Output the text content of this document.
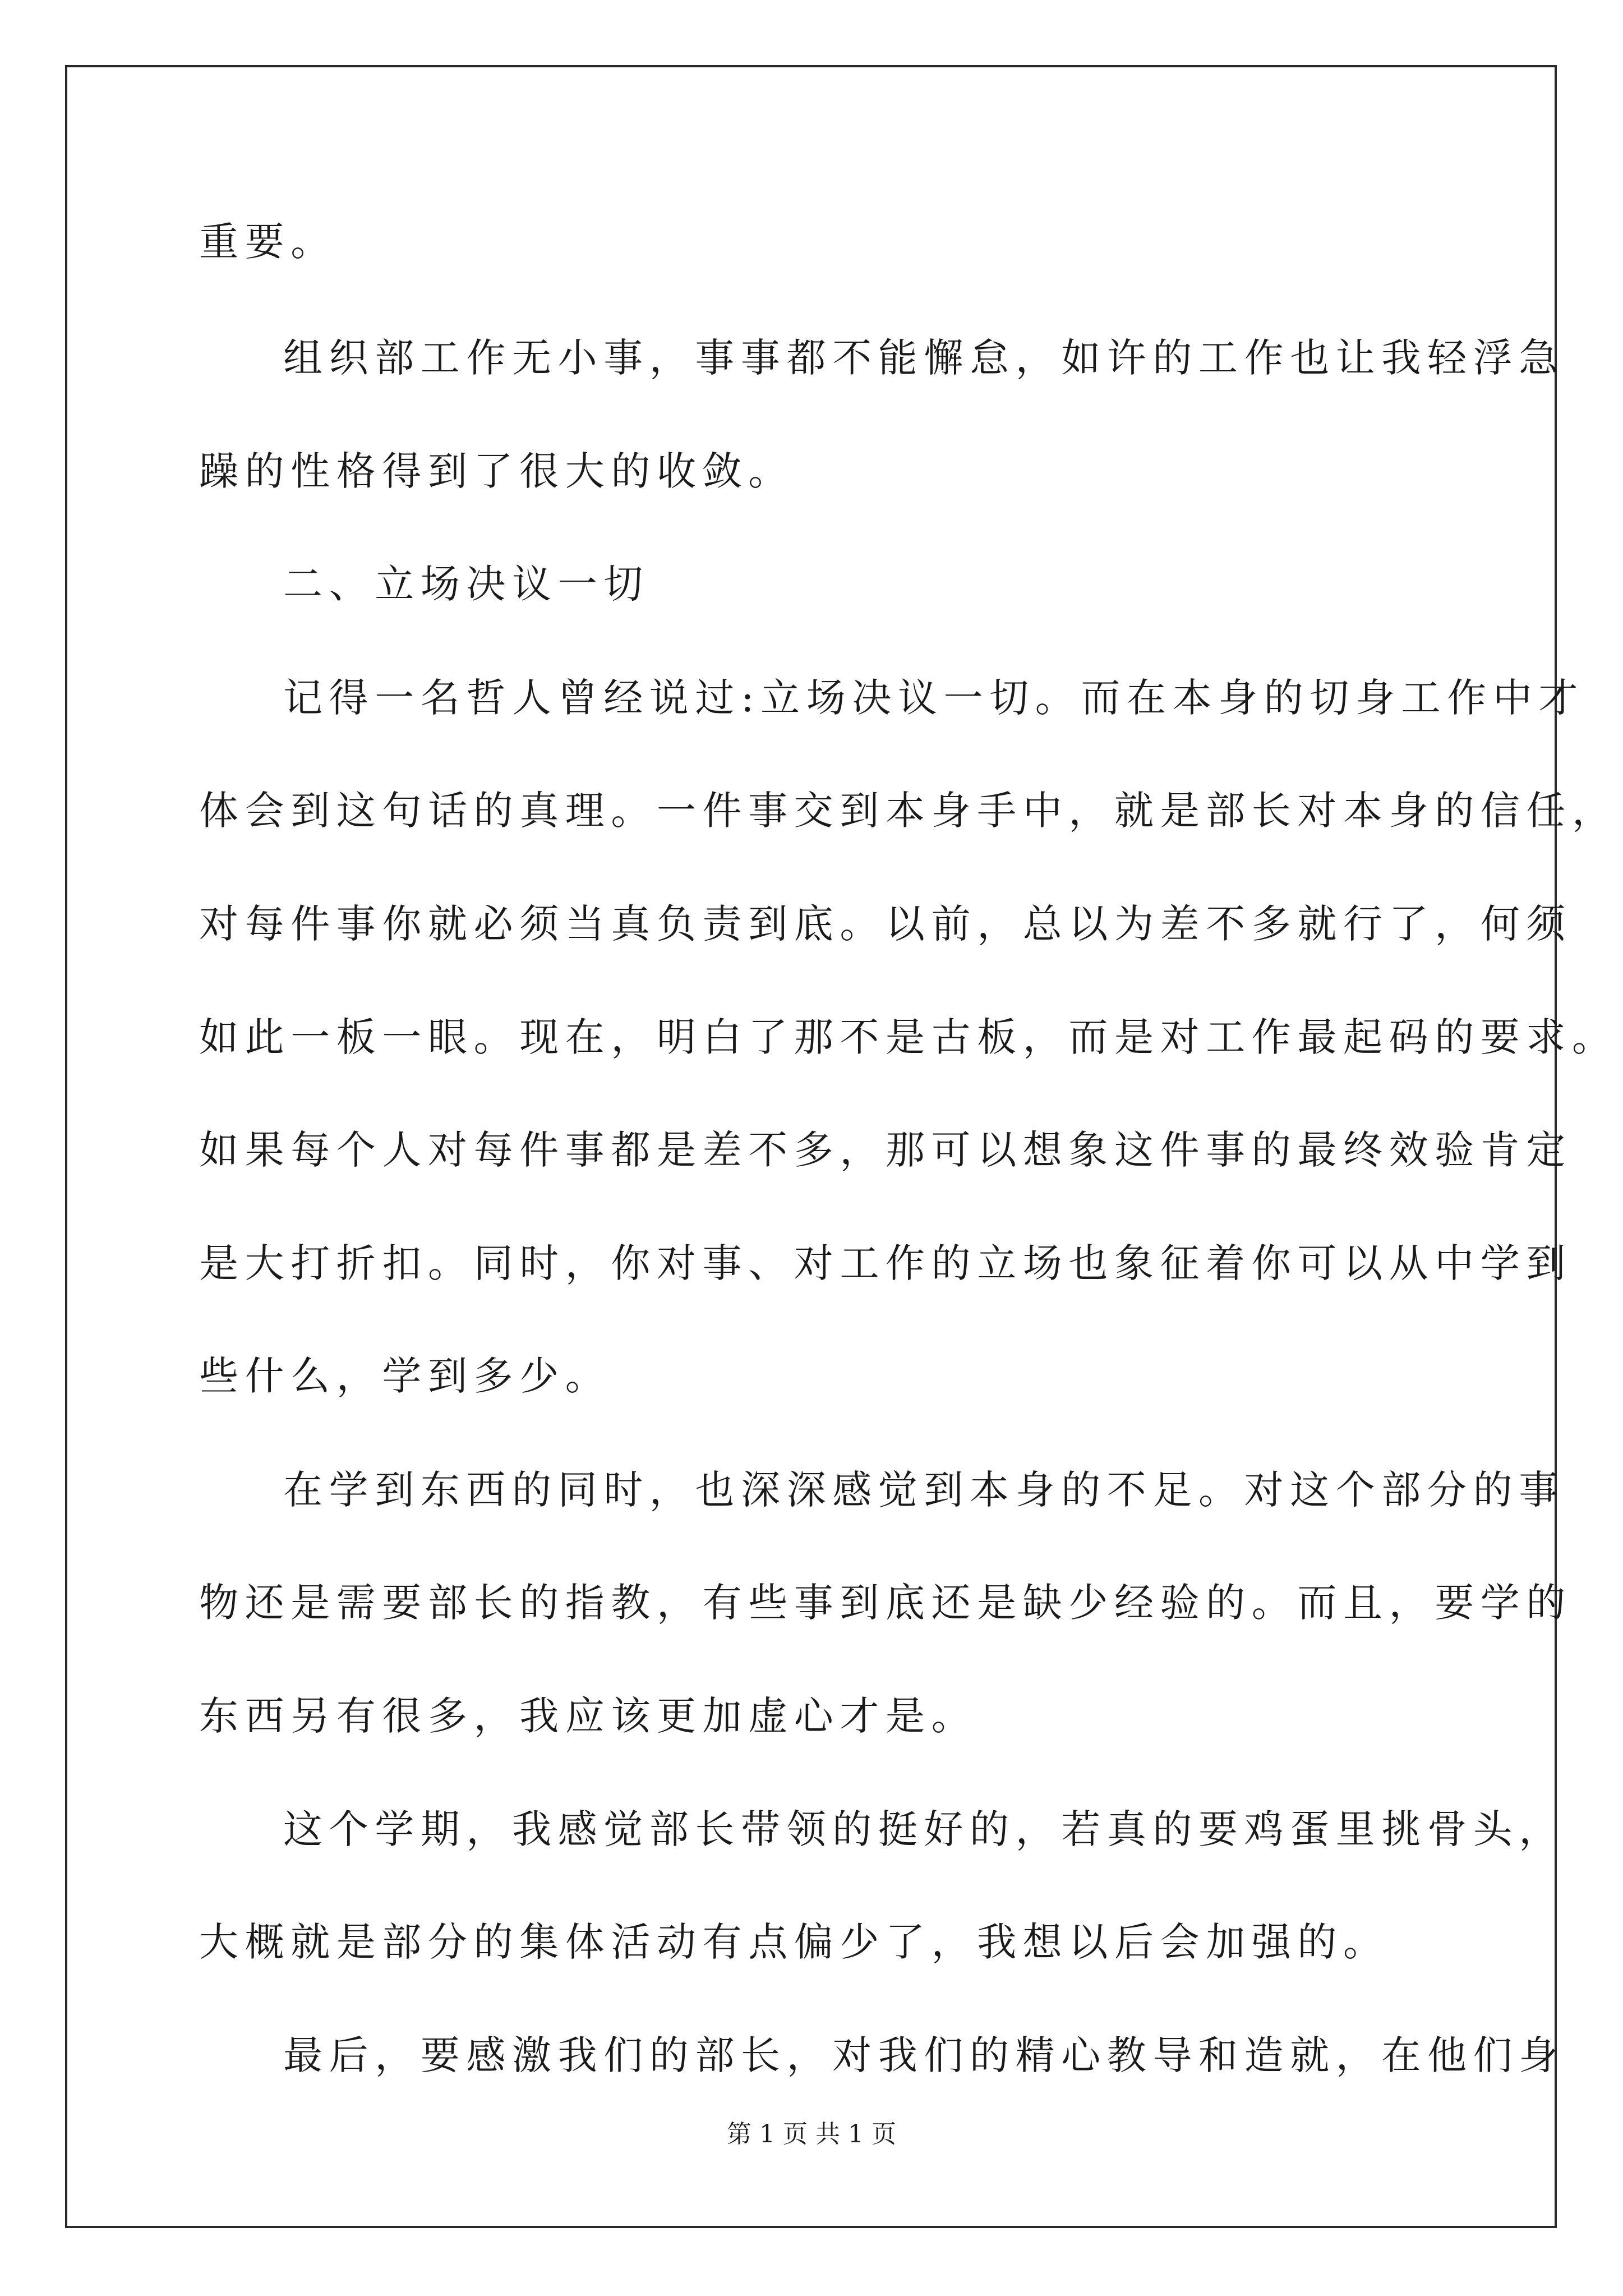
重要。
组织部工作无小事，事事都不能懈怠，如许的工作也让我轻浮急
躁的性格得到了很大的收敛。
二、立场决议一切
记得一名哲人曾经说过:立场决议一切。而在本身的切身工作中才
体会到这句话的真理。一件事交到本身手中，就是部长对本身的信任，
对每件事你就必须当真负责到底。以前，总以为差不多就行了，何须
如此一板一眼。现在，明白了那不是古板，而是对工作最起码的要求。
如果每个人对每件事都是差不多，那可以想象这件事的最终效验肯定
是大打折扣。同时，你对事、对工作的立场也象征着你可以从中学到
些什么，学到多少。
在学到东西的同时，也深深感觉到本身的不足。对这个部分的事
物还是需要部长的指教，有些事到底还是缺少经验的。而且，要学的
东西另有很多，我应该更加虚心才是。
这个学期，我感觉部长带领的挺好的，若真的要鸡蛋里挑骨头，
大概就是部分的集体活动有点偏少了，我想以后会加强的。
最后，要感激我们的部长，对我们的精心教导和造就，在他们身
第 1 页 共 1 页
